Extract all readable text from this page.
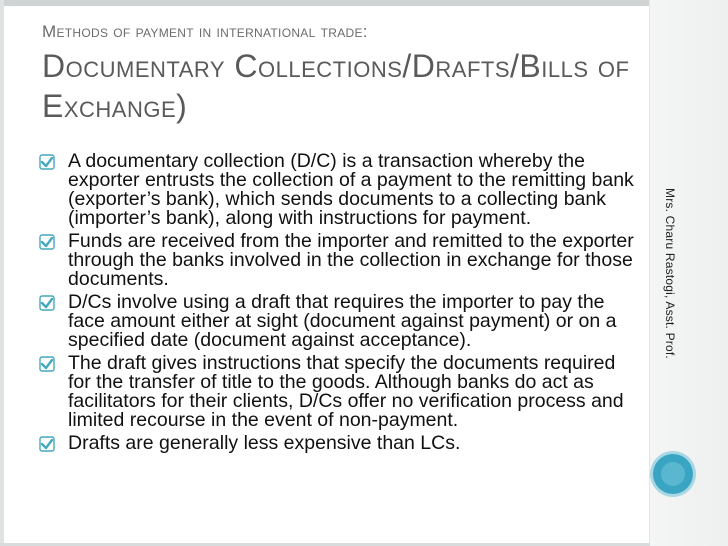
Methods of payment in international trade:
Documentary Collections/Drafts/Bills of Exchange)
A documentary collection (D/C) is a transaction whereby the exporter entrusts the collection of a payment to the remitting bank (exporter’s bank), which sends documents to a collecting bank (importer’s bank), along with instructions for payment.
Funds are received from the importer and remitted to the exporter through the banks involved in the collection in exchange for those documents.
D/Cs involve using a draft that requires the importer to pay the face amount either at sight (document against payment) or on a specified date (document against acceptance).
The draft gives instructions that specify the documents required for the transfer of title to the goods. Although banks do act as facilitators for their clients, D/Cs offer no verification process and limited recourse in the event of non-payment.
Drafts are generally less expensive than LCs.
Mrs. Charu Rastogi, Asst. Prof.
